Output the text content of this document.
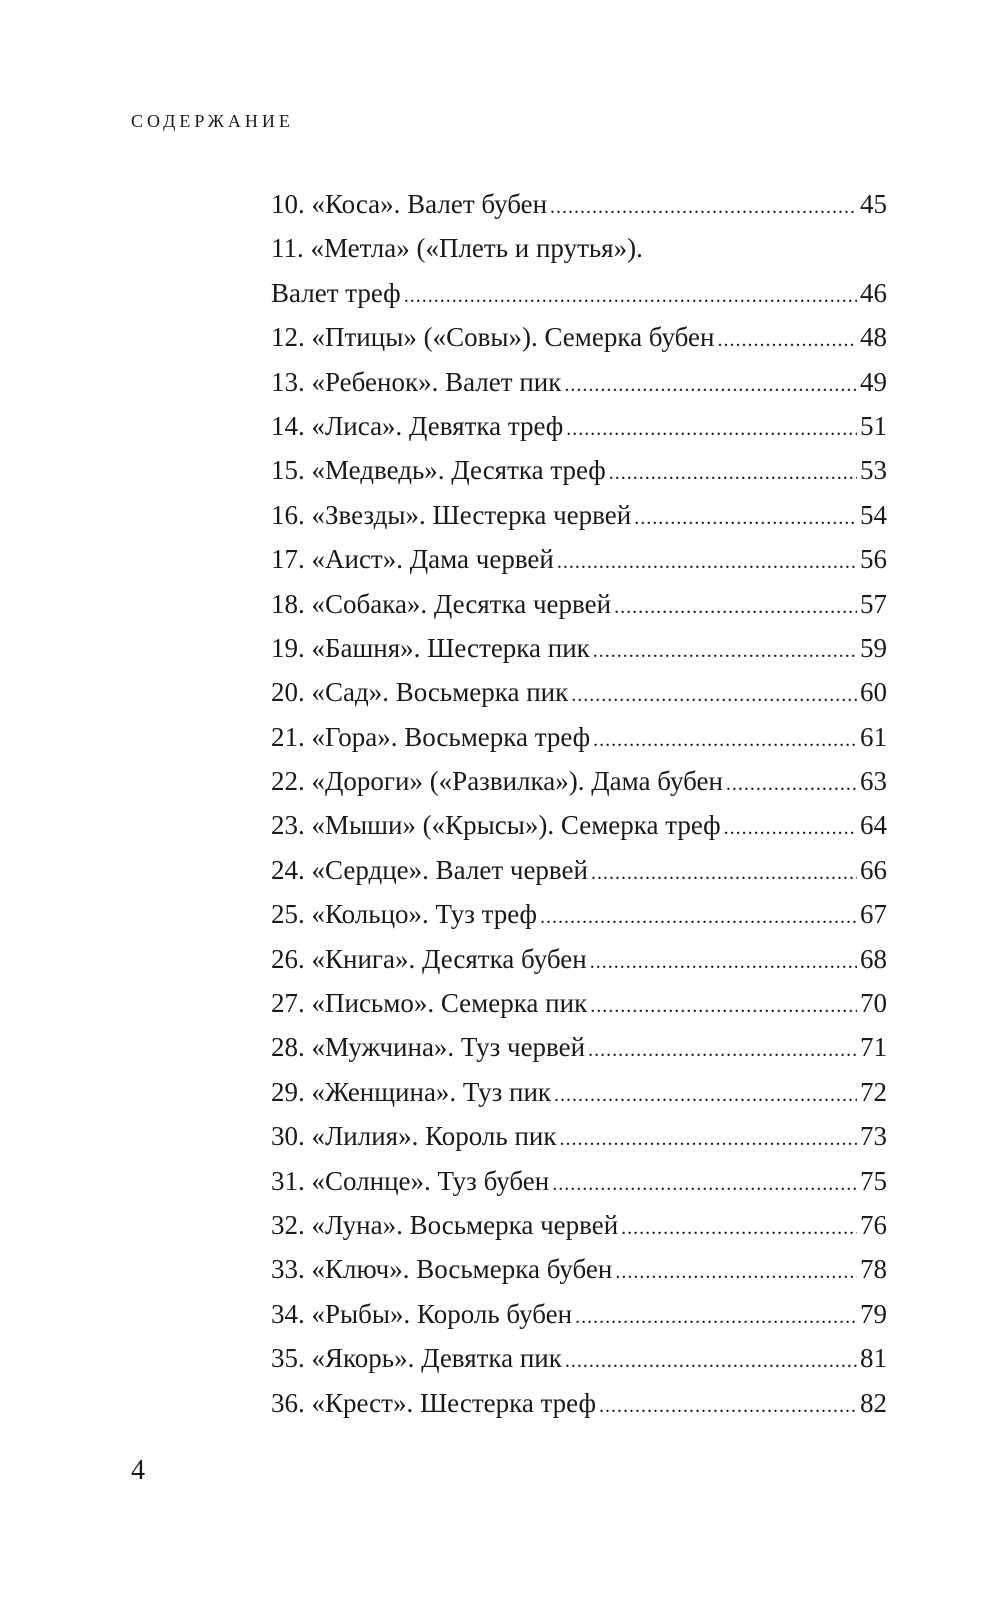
СОДЕРЖАНИЕ
10. «Коса». Валет бубен .....	45
11. «Метла» («Плеть и прутья»).
Валет треф .....	46
12. «Птицы» («Совы»). Семерка бубен .....	48
13. «Ребенок». Валет пик .....	49
14. «Лиса». Девятка треф .....	51
15. «Медведь». Десятка треф .....	53
16. «Звезды». Шестерка червей .....	54
17. «Аист». Дама червей .....	56
18. «Собака». Десятка червей .....	57
19. «Башня». Шестерка пик .....	59
20. «Сад». Восьмерка пик .....	60
21. «Гора». Восьмерка треф .....	61
22. «Дороги» («Развилка»). Дама бубен .....	63
23. «Мыши» («Крысы»). Семерка треф .....	64
24. «Сердце». Валет червей .....	66
25. «Кольцо». Туз треф .....	67
26. «Книга». Десятка бубен .....	68
27. «Письмо». Семерка пик .....	70
28. «Мужчина». Туз червей .....	71
29. «Женщина». Туз пик .....	72
30. «Лилия». Король пик .....	73
31. «Солнце». Туз бубен .....	75
32. «Луна». Восьмерка червей .....	76
33. «Ключ». Восьмерка бубен .....	78
34. «Рыбы». Король бубен .....	79
35. «Якорь». Девятка пик .....	81
36. «Крест». Шестерка треф .....	82
4
